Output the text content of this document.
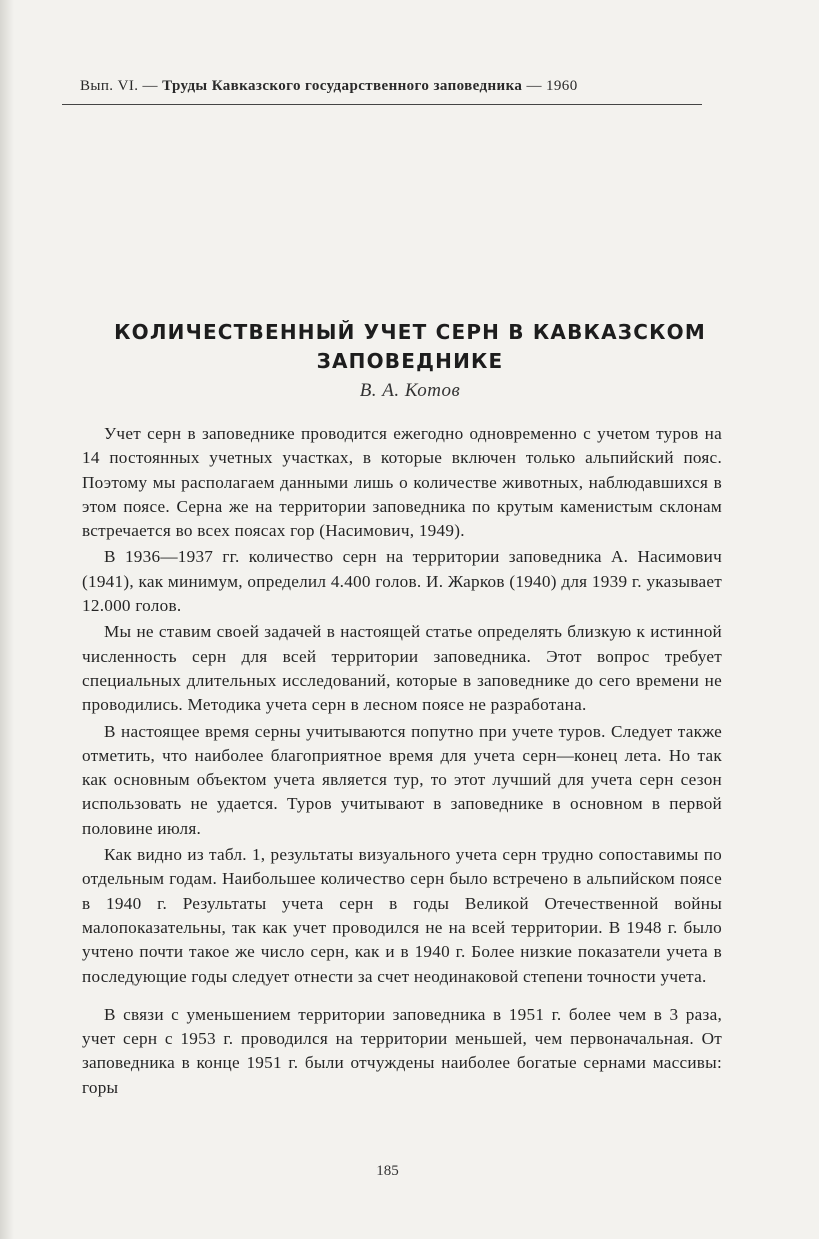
Вып. VI. — Труды Кавказского государственного заповедника — 1960
КОЛИЧЕСТВЕННЫЙ УЧЕТ СЕРН В КАВКАЗСКОМ
ЗАПОВЕДНИКЕ
В. А. Котов

Учет серн в заповеднике проводится ежегодно одновременно с учетом туров на 14 постоянных учетных участках, в которые включен только альпийский пояс. Поэтому мы располагаем данными лишь о количестве животных, наблюдавшихся в этом поясе. Серна же на территории заповедника по крутым каменистым склонам встречается во всех поясах гор (Насимович, 1949).

В 1936—1937 гг. количество серн на территории заповедника А. Насимович (1941), как минимум, определил 4.400 голов. И. Жарков (1940) для 1939 г. указывает 12.000 голов.

Мы не ставим своей задачей в настоящей статье определять близкую к истинной численность серн для всей территории заповедника. Этот вопрос требует специальных длительных исследований, которые в заповеднике до сего времени не проводились. Методика учета серн в лесном поясе не разработана.

В настоящее время серны учитываются попутно при учете туров. Следует также отметить, что наиболее благоприятное время для учета серн—конец лета. Но так как основным объектом учета является тур, то этот лучший для учета серн сезон использовать не удается. Туров учитывают в заповеднике в основном в первой половине июля.

Как видно из табл. 1, результаты визуального учета серн трудно сопоставимы по отдельным годам. Наибольшее количество серн было встречено в альпийском поясе в 1940 г. Результаты учета серн в годы Великой Отечественной войны малопоказательны, так как учет проводился не на всей территории. В 1948 г. было учтено почти такое же число серн, как и в 1940 г. Более низкие показатели учета в последующие годы следует отнести за счет неодинаковой степени точности учета.

В связи с уменьшением территории заповедника в 1951 г. более чем в 3 раза, учет серн с 1953 г. проводился на территории меньшей, чем первоначальная. От заповедника в конце 1951 г. были отчуждены наиболее богатые сернами массивы: горы

185
